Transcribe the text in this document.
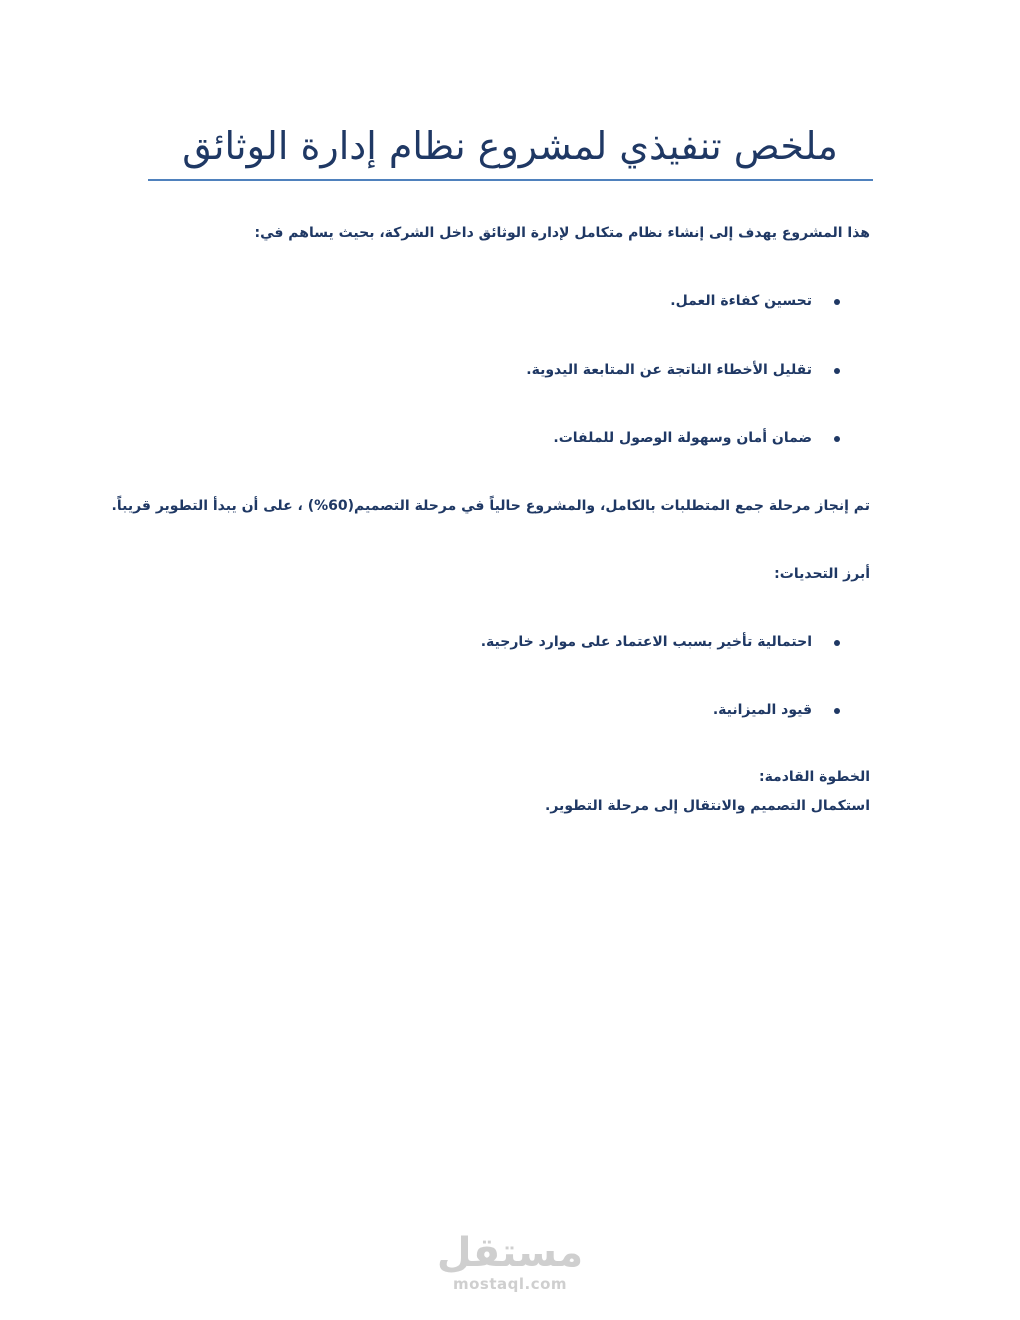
ملخص تنفيذي لمشروع نظام إدارة الوثائق
هذا المشروع يهدف إلى إنشاء نظام متكامل لإدارة الوثائق داخل الشركة، بحيث يساهم في:
تحسين كفاءة العمل.
تقليل الأخطاء الناتجة عن المتابعة اليدوية.
ضمان أمان وسهولة الوصول للملفات.
تم إنجاز مرحلة جمع المتطلبات بالكامل، والمشروع حالياً في مرحلة التصميم(60%) ، على أن يبدأ التطوير قريباً.
أبرز التحديات:
احتمالية تأخير بسبب الاعتماد على موارد خارجية.
قيود الميزانية.
الخطوة القادمة:
استكمال التصميم والانتقال إلى مرحلة التطوير.
مستقل
mostaql.com
